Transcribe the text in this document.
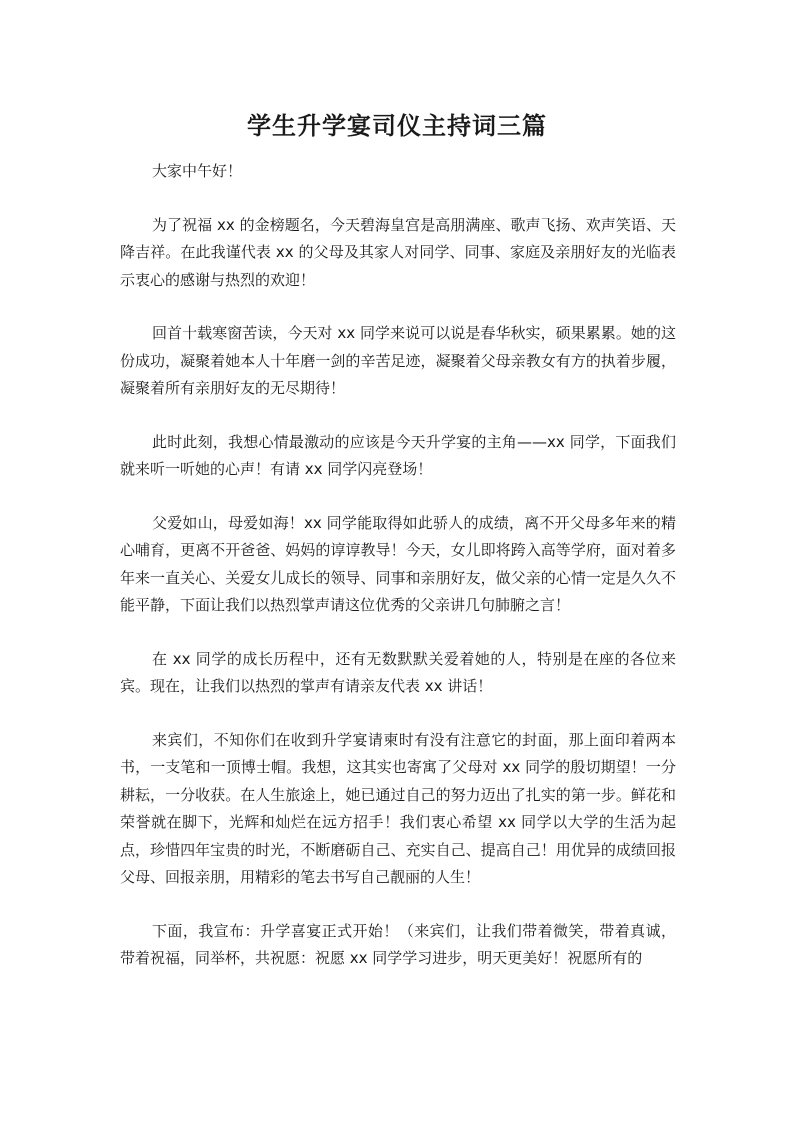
学生升学宴司仪主持词三篇

大家中午好！

为了祝福 xx 的金榜题名，今天碧海皇宫是高朋满座、歌声飞扬、欢声笑语、天降吉祥。在此我谨代表 xx 的父母及其家人对同学、同事、家庭及亲朋好友的光临表示衷心的感谢与热烈的欢迎！

回首十载寒窗苦读，今天对 xx 同学来说可以说是春华秋实，硕果累累。她的这份成功，凝聚着她本人十年磨一剑的辛苦足迹，凝聚着父母亲教女有方的执着步履，凝聚着所有亲朋好友的无尽期待！

此时此刻，我想心情最激动的应该是今天升学宴的主角——xx 同学，下面我们就来听一听她的心声！有请 xx 同学闪亮登场！

父爱如山，母爱如海！xx 同学能取得如此骄人的成绩，离不开父母多年来的精心哺育，更离不开爸爸、妈妈的谆谆教导！今天，女儿即将跨入高等学府，面对着多年来一直关心、关爱女儿成长的领导、同事和亲朋好友，做父亲的心情一定是久久不能平静，下面让我们以热烈掌声请这位优秀的父亲讲几句肺腑之言！

在 xx 同学的成长历程中，还有无数默默关爱着她的人，特别是在座的各位来宾。现在，让我们以热烈的掌声有请亲友代表 xx 讲话！

来宾们，不知你们在收到升学宴请柬时有没有注意它的封面，那上面印着两本书，一支笔和一顶博士帽。我想，这其实也寄寓了父母对 xx 同学的殷切期望！一分耕耘，一分收获。在人生旅途上，她已通过自己的努力迈出了扎实的第一步。鲜花和荣誉就在脚下，光辉和灿烂在远方招手！我们衷心希望 xx 同学以大学的生活为起点，珍惜四年宝贵的时光，不断磨砺自己、充实自己、提高自己！用优异的成绩回报父母、回报亲朋，用精彩的笔去书写自己靓丽的人生！

下面，我宣布：升学喜宴正式开始！（来宾们，让我们带着微笑，带着真诚，带着祝福，同举杯，共祝愿：祝愿 xx 同学学习进步，明天更美好！祝愿所有的
